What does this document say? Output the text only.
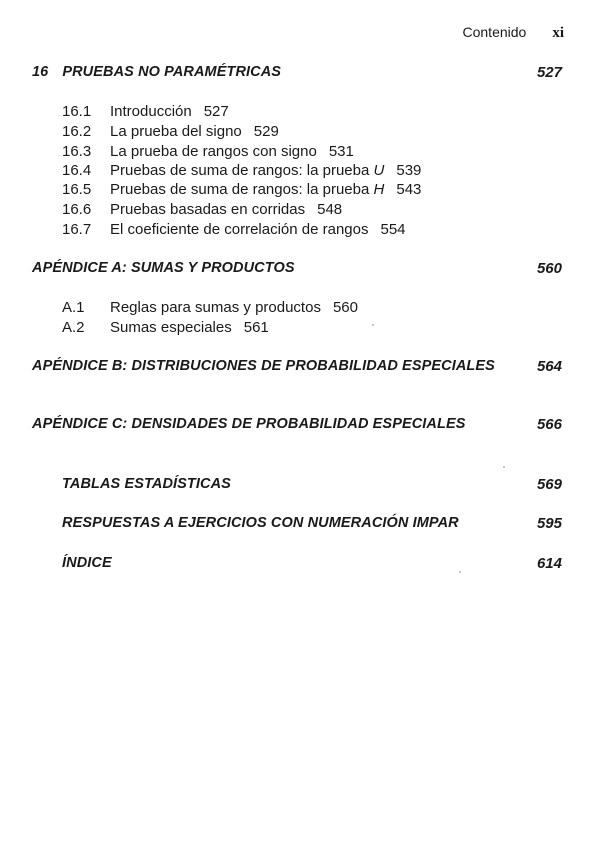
Contenido xi
16 PRUEBAS NO PARAMÉTRICAS	527
16.1 Introducción 527
16.2 La prueba del signo 529
16.3 La prueba de rangos con signo 531
16.4 Pruebas de suma de rangos: la prueba U 539
16.5 Pruebas de suma de rangos: la prueba H 543
16.6 Pruebas basadas en corridas 548
16.7 El coeficiente de correlación de rangos 554
APÉNDICE A: SUMAS Y PRODUCTOS	560
A.1 Reglas para sumas y productos 560
A.2 Sumas especiales 561
APÉNDICE B: DISTRIBUCIONES DE PROBABILIDAD ESPECIALES	564
APÉNDICE C: DENSIDADES DE PROBABILIDAD ESPECIALES	566
TABLAS ESTADÍSTICAS	569
RESPUESTAS A EJERCICIOS CON NUMERACIÓN IMPAR	595
ÍNDICE	614
